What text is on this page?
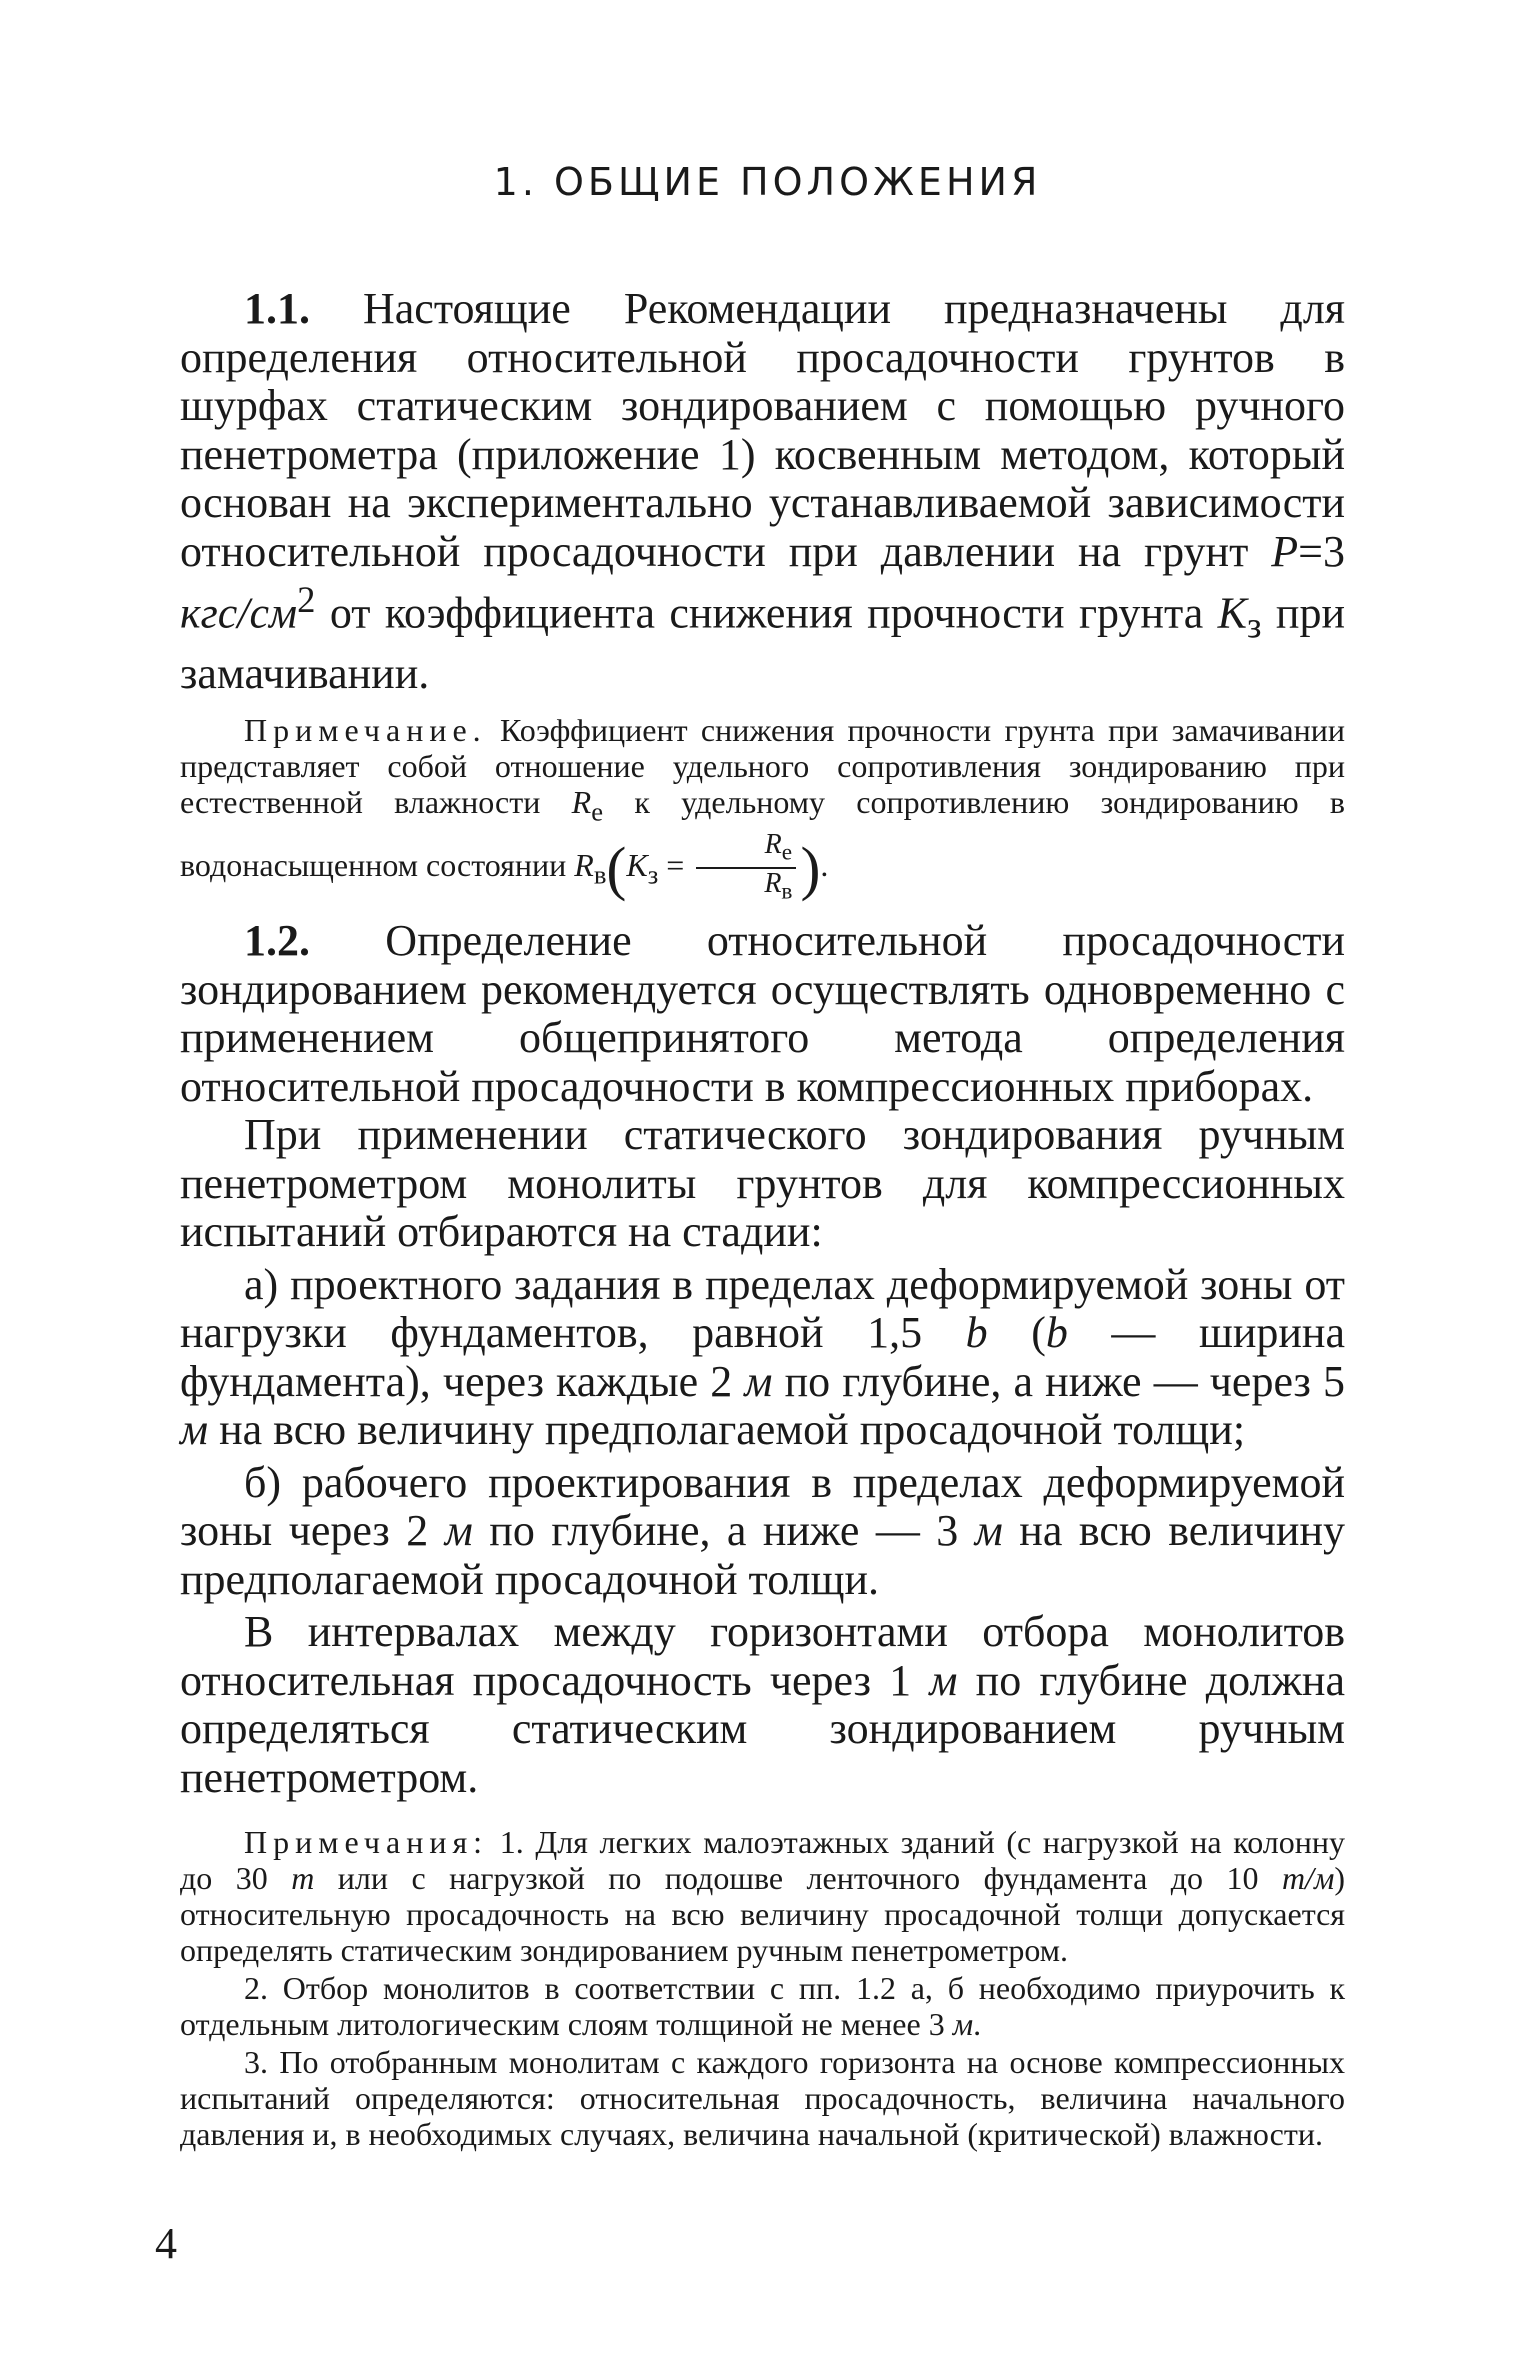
1. ОБЩИЕ ПОЛОЖЕНИЯ

1.1. Настоящие Рекомендации предназначены для определения относительной просадочности грунтов в шурфах статическим зондированием с помощью ручного пенетрометра (приложение 1) косвенным методом, который основан на экспериментально устанавливаемой зависимости относительной просадочности при давлении на грунт P=3 кгс/$см^2$ от коэффициента снижения прочности грунта $K_з$ при замачивании.

Примечание. Коэффициент снижения прочности грунта при замачивании представляет собой отношение удельного сопротивления зондированию при естественной влажности $R_e$ к удельному сопротивлению зондированию в водонасыщенном состоянии $R_в(K_з = \frac{R_e}{R_в}$ ).

1.2. Определение относительной просадочности зондированием рекомендуется осуществлять одновременно с применением общепринятого метода определения относительной просадочности в компрессионных приборах.

При применении статического зондирования ручным пенетрометром монолиты грунтов для компрессионных испытаний отбираются на стадии:

а) проектного задания в пределах деформируемой зоны от нагрузки фундаментов, равной 1,5 b (b — ширина фундамента), через каждые 2 м по глубине, а ниже — через 5 м на всю величину предполагаемой просадочной толщи;

б) рабочего проектирования в пределах деформируемой зоны через 2 м по глубине, а ниже — 3 м на всю величину предполагаемой просадочной толщи.

В интервалах между горизонтами отбора монолитов относительная просадочность через 1 м по глубине должна определяться статическим зондированием ручным пенетрометром.

Примечания: 1. Для легких малоэтажных зданий (с нагрузкой на колонну до 30 т или с нагрузкой по подошве ленточного фундамента до 10 т/м) относительную просадочность на всю величину просадочной толщи допускается определять статическим зондированием ручным пенетрометром.

2. Отбор монолитов в соответствии с пп. 1.2 а, б необходимо приурочить к отдельным литологическим слоям толщиной не менее 3 м.

3. По отобранным монолитам с каждого горизонта на основе компрессионных испытаний определяются: относительная просадочность, величина начального давления и, в необходимых случаях, величина начальной (критической) влажности.

4
